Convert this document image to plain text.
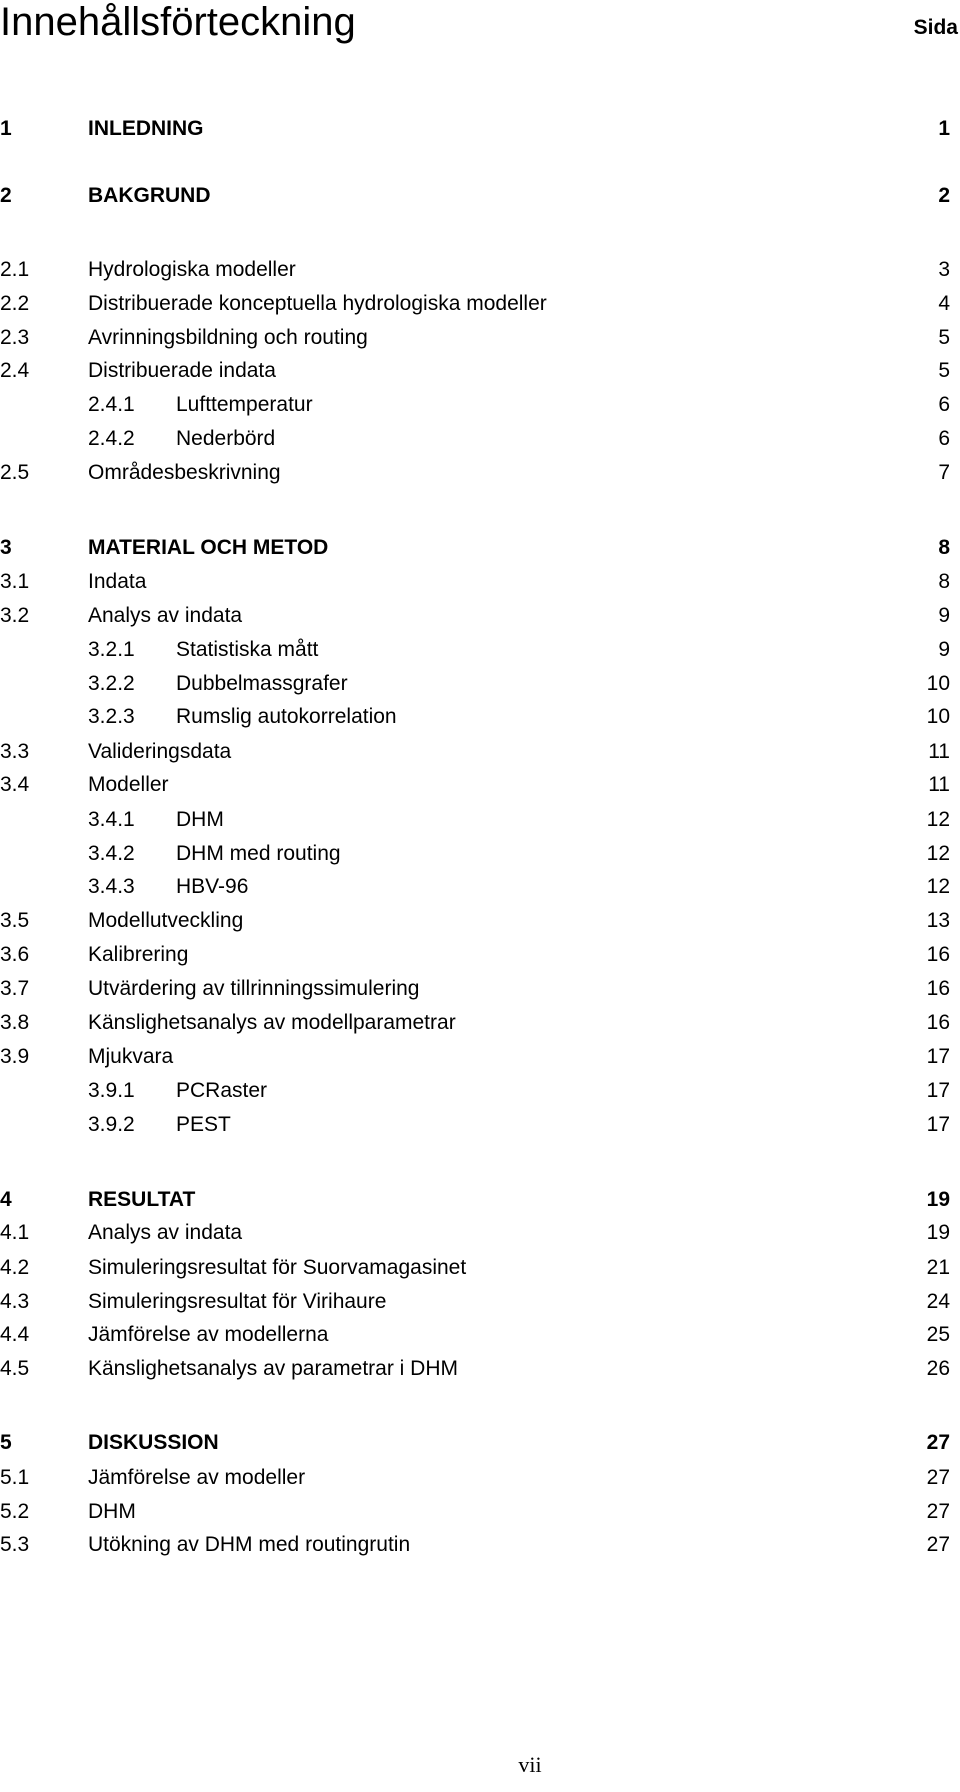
Innehållsförteckning	Sida
1	INLEDNING	1
2	BAKGRUND	2
2.1	Hydrologiska modeller	3
2.2	Distribuerade konceptuella hydrologiska modeller	4
2.3	Avrinningsbildning och routing	5
2.4	Distribuerade indata	5
2.4.1 Lufttemperatur	6
2.4.2 Nederbörd	6
2.5	Områdesbeskrivning	7
3	MATERIAL OCH METOD	8
3.1	Indata	8
3.2	Analys av indata	9
3.2.1 Statistiska mått	9
3.2.2 Dubbelmassgrafer	10
3.2.3 Rumslig autokorrelation	10
3.3	Valideringsdata	11
3.4	Modeller	11
3.4.1 DHM	12
3.4.2 DHM med routing	12
3.4.3 HBV-96	12
3.5	Modellutveckling	13
3.6	Kalibrering	16
3.7	Utvärdering av tillrinningssimulering	16
3.8	Känslighetsanalys av modellparametrar	16
3.9	Mjukvara	17
3.9.1 PCRaster	17
3.9.2 PEST	17
4	RESULTAT	19
4.1	Analys av indata	19
4.2	Simuleringsresultat för Suorvamagasinet	21
4.3	Simuleringsresultat för Virihaure	24
4.4	Jämförelse av modellerna	25
4.5	Känslighetsanalys av parametrar i DHM	26
5	DISKUSSION	27
5.1	Jämförelse av modeller	27
5.2	DHM	27
5.3	Utökning av DHM med routingrutin	27
vii
